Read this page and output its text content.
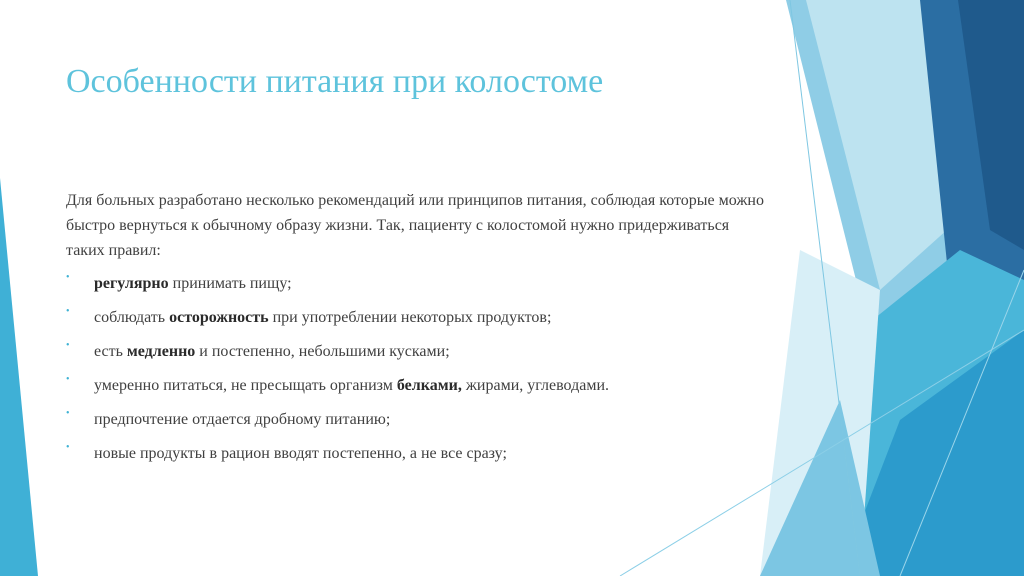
Особенности питания при колостоме

Для больных разработано несколько рекомендаций или принципов питания, соблюдая которые можно быстро вернуться к обычному образу жизни. Так, пациенту с колостомой нужно придерживаться таких правил:

• регулярно принимать пищу;
• соблюдать осторожность при употреблении некоторых продуктов;
• есть медленно и постепенно, небольшими кусками;
• умеренно питаться, не пресыщать организм белками, жирами, углеводами.
• предпочтение отдается дробному питанию;
• новые продукты в рацион вводят постепенно, а не все сразу;
